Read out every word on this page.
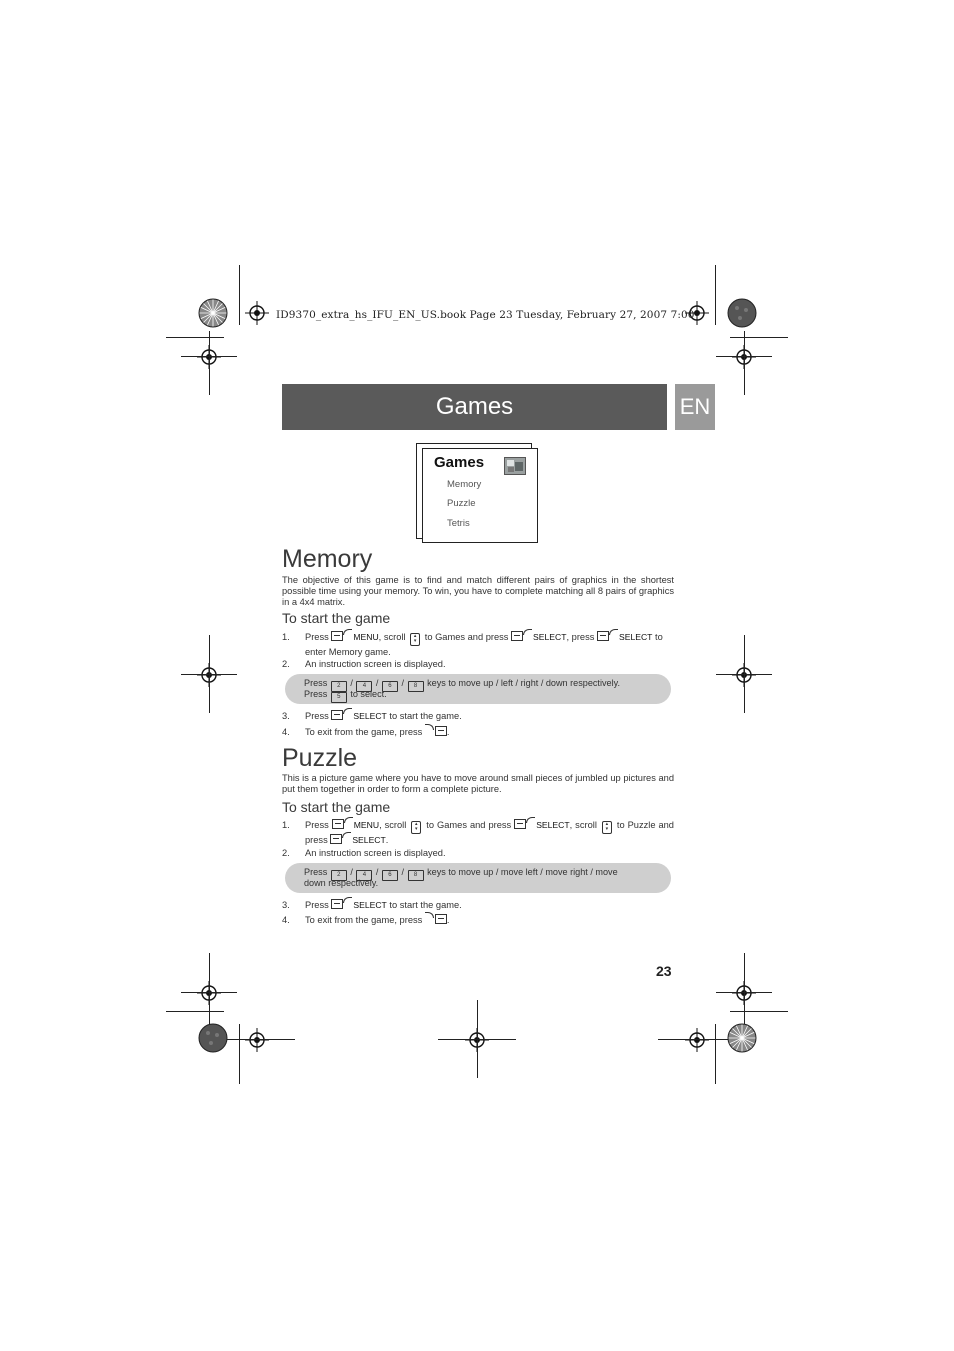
ID9370_extra_hs_IFU_EN_US.book Page 23 Tuesday, February 27, 2007 7:00
Games	EN
Games
Memory
Puzzle
Tetris
Memory

The objective of this game is to find and match different pairs of graphics in the shortest possible time using your memory. To win, you have to complete matching all 8 pairs of graphics in a 4x4 matrix.

To start the game
1. Press	MENU, scroll ▴
▾ to Games and press	SELECT, press	SELECT to enter Memory game.
2. An instruction screen is displayed.
Press 2 / 4 / 6 / 8 keys to move up / left / right / down respectively.
Press 5 to select.
3. Press	SELECT to start the game.
4. To exit from the game, press	.
Puzzle

This is a picture game where you have to move around small pieces of jumbled up pictures and put them together in order to form a complete picture.

To start the game
1. Press	MENU, scroll ▴
▾ to Games and press	SELECT, scroll ▴
▾ to Puzzle and press	SELECT.
2. An instruction screen is displayed.
Press 2 / 4 / 6 / 8 keys to move up / move left / move right / move
down respectively.
3. Press	SELECT to start the game.
4. To exit from the game, press	.
23
